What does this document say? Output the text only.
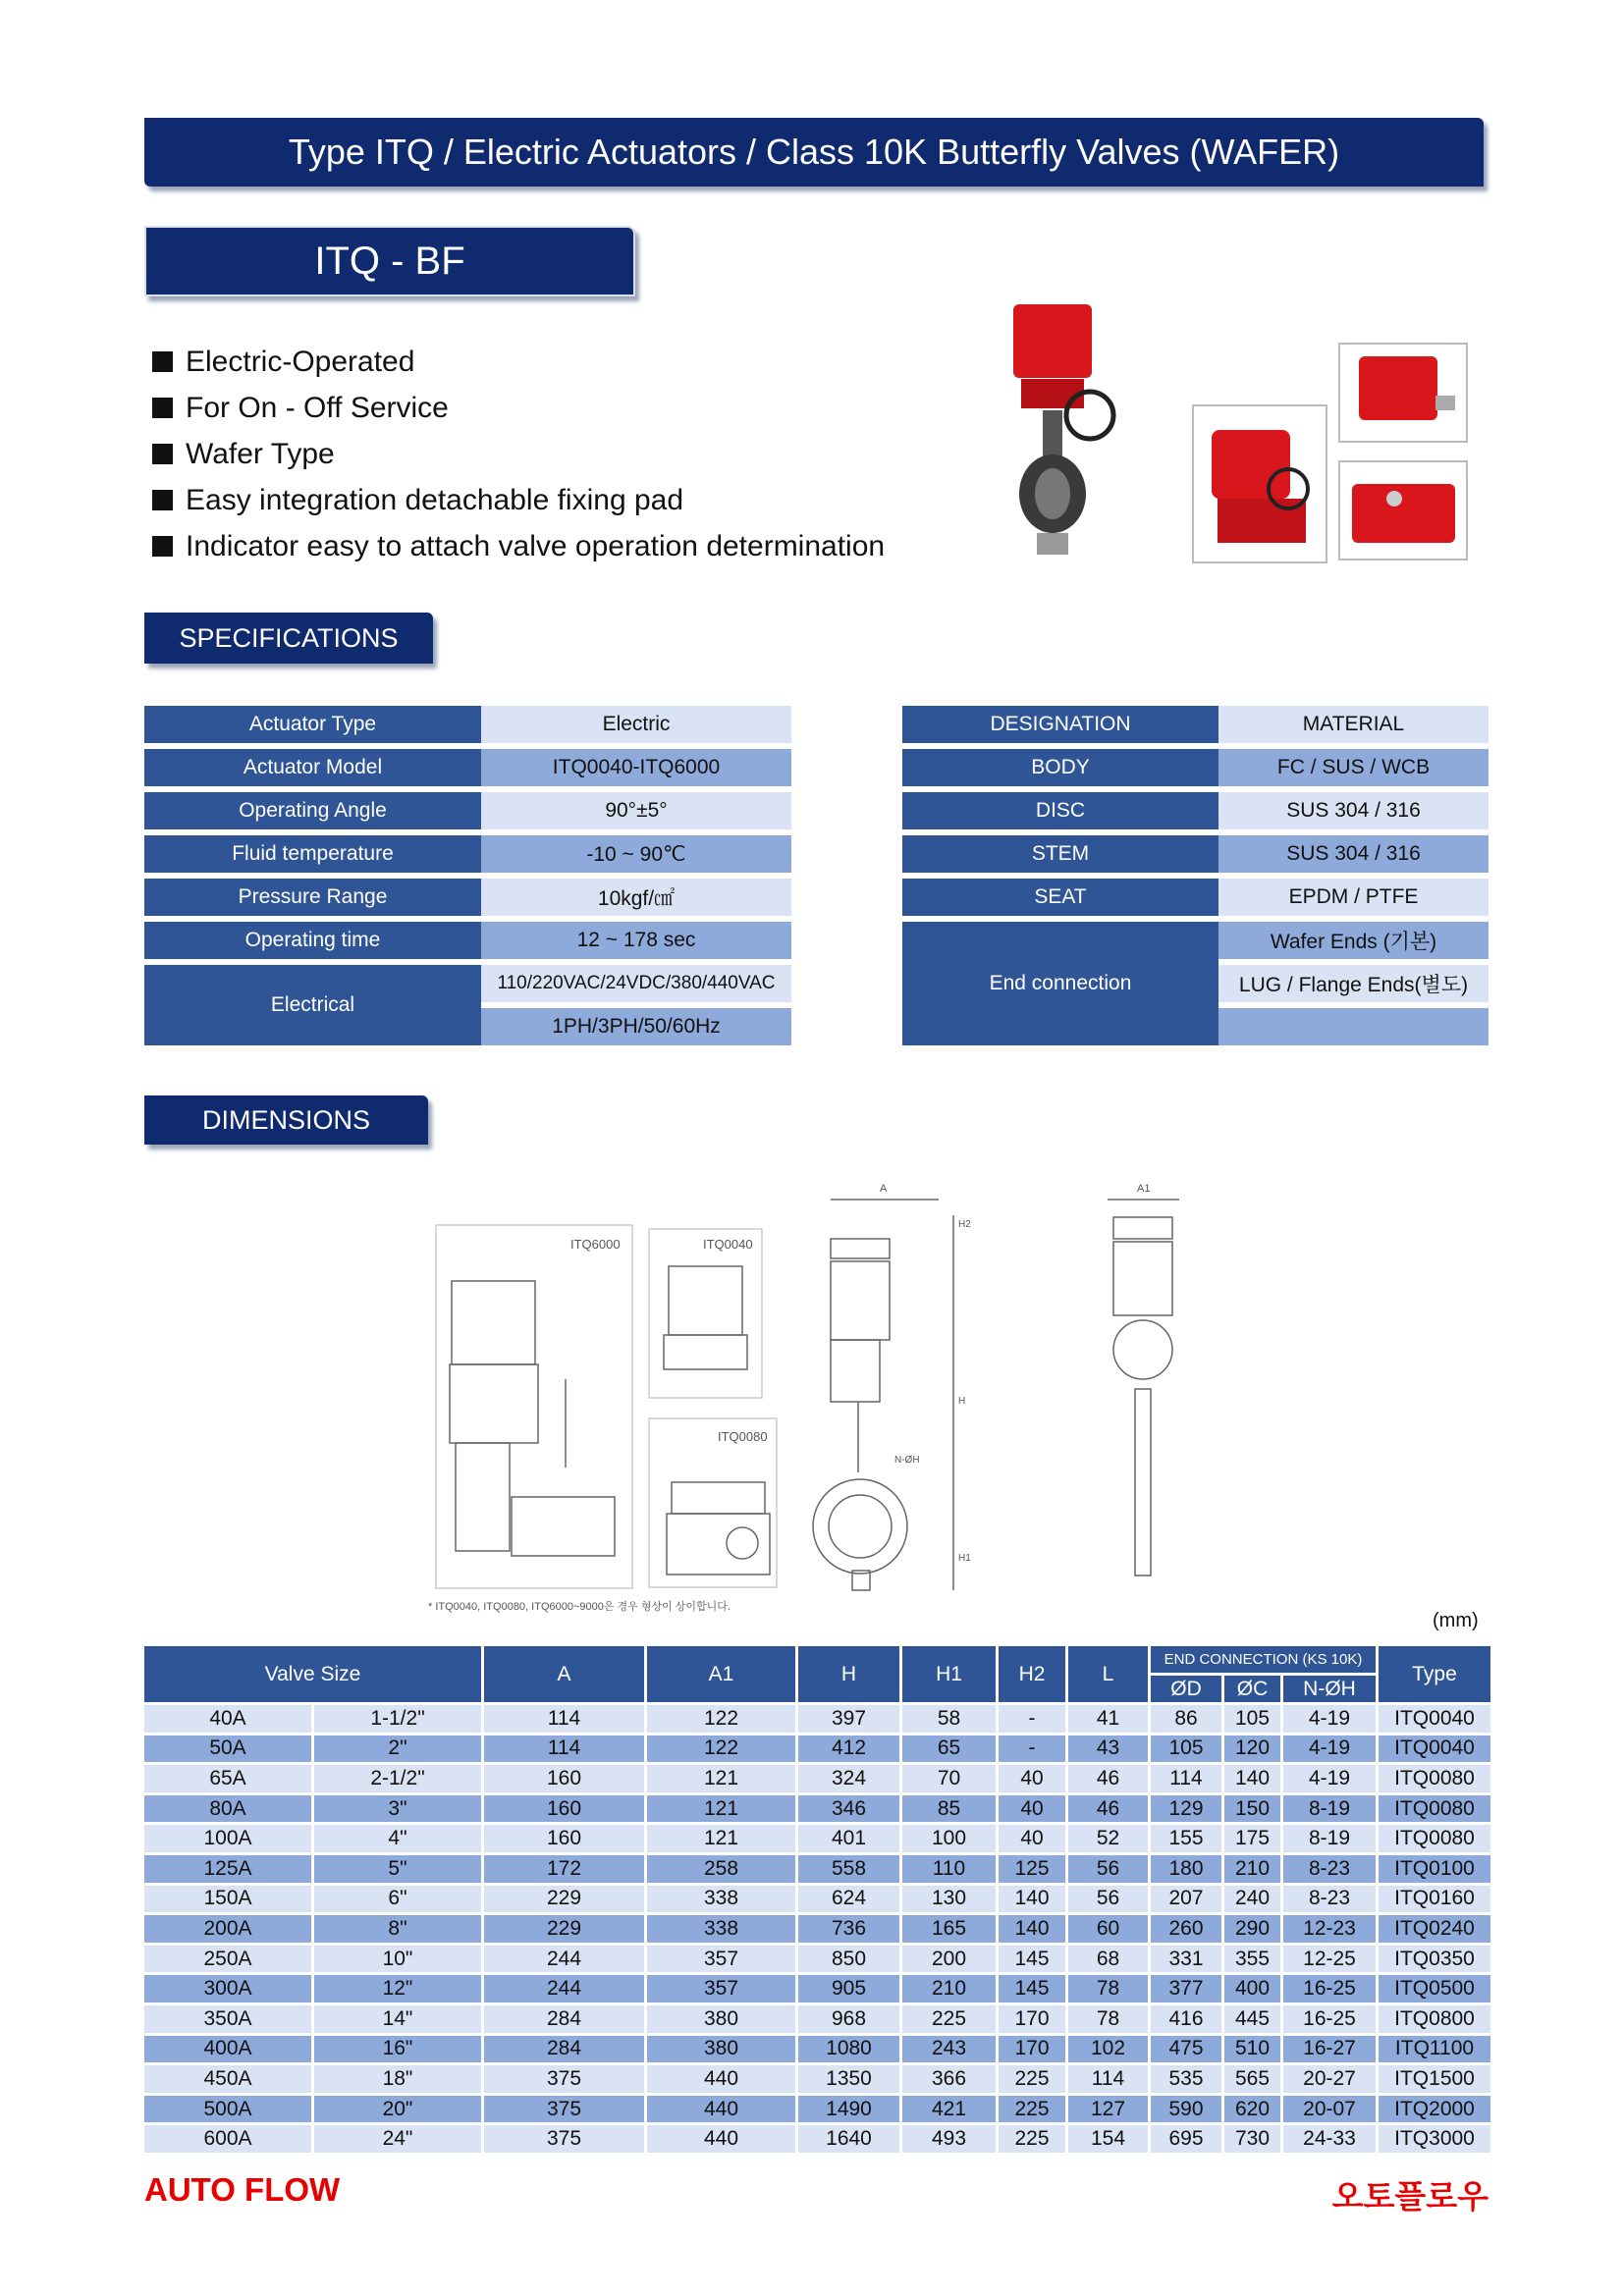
Type ITQ / Electric Actuators / Class 10K Butterfly Valves (WAFER)
ITQ - BF
Electric-Operated
For On - Off Service
Wafer Type
Easy integration detachable fixing pad
Indicator easy to attach valve operation determination
SPECIFICATIONS
Actuator Type	Electric
Actuator Model	ITQ0040-ITQ6000
Operating Angle	90°±5°
Fluid temperature	-10 ~ 90℃
Pressure Range	10kgf/㎠
Operating time	12 ~ 178 sec
Electrical	110/220VAC/24VDC/380/440VAC
	1PH/3PH/50/60Hz
DESIGNATION	MATERIAL
BODY	FC / SUS / WCB
DISC	SUS 304 / 316
STEM	SUS 304 / 316
SEAT	EPDM / PTFE
End connection	Wafer Ends (기본)
	LUG / Flange Ends(별도)

DIMENSIONS
ITQ6000	ITQ0040
ITQ0080
A
H2
H
H1
N-ØH
A1
* ITQ0040, ITQ0080, ITQ6000~9000은 경우 형상이 상이합니다.
(mm)
Valve Size		A	A1	H	H1	H2	L	END CONNECTION (KS 10K)			Type
								ØD	ØC	N-ØH	
40A	1-1/2"	114	122	397	58	-	41	86	105	4-19	ITQ0040
50A	2"	114	122	412	65	-	43	105	120	4-19	ITQ0040
65A	2-1/2"	160	121	324	70	40	46	114	140	4-19	ITQ0080
80A	3"	160	121	346	85	40	46	129	150	8-19	ITQ0080
100A	4"	160	121	401	100	40	52	155	175	8-19	ITQ0080
125A	5"	172	258	558	110	125	56	180	210	8-23	ITQ0100
150A	6"	229	338	624	130	140	56	207	240	8-23	ITQ0160
200A	8"	229	338	736	165	140	60	260	290	12-23	ITQ0240
250A	10"	244	357	850	200	145	68	331	355	12-25	ITQ0350
300A	12"	244	357	905	210	145	78	377	400	16-25	ITQ0500
350A	14"	284	380	968	225	170	78	416	445	16-25	ITQ0800
400A	16"	284	380	1080	243	170	102	475	510	16-27	ITQ1100
450A	18"	375	440	1350	366	225	114	535	565	20-27	ITQ1500
500A	20"	375	440	1490	421	225	127	590	620	20-07	ITQ2000
600A	24"	375	440	1640	493	225	154	695	730	24-33	ITQ3000
AUTO FLOW	오토플로우
